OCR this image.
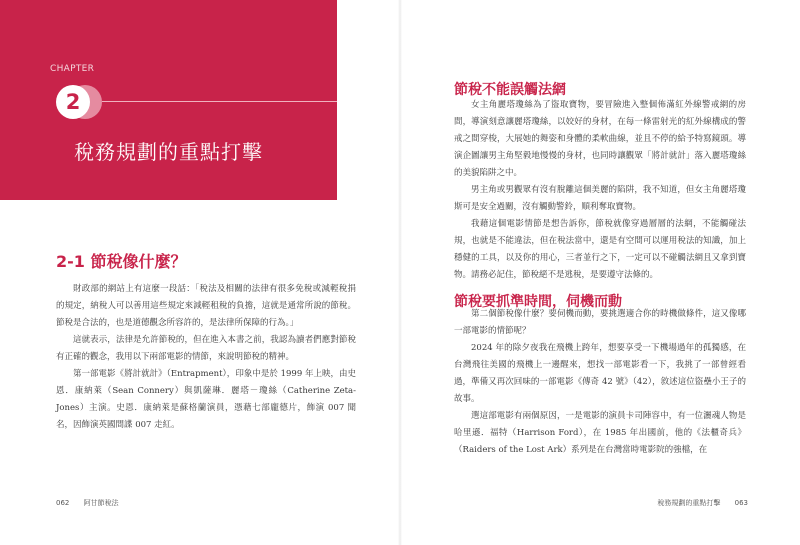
CHAPTER
2
稅務規劃的重點打擊
2-1 節稅像什麼？

財政部的網站上有這麼一段話：「稅法及相關的法律有很多免稅或減輕稅捐的規定，納稅人可以善用這些規定來減輕租稅的負擔，這就是通常所說的節稅。節稅是合法的，也是道德觀念所容許的，是法律所保障的行為。」

這就表示，法律是允許節稅的，但在進入本書之前，我認為讀者們應對節稅有正確的觀念，我用以下兩部電影的情節，來說明節稅的精神。

第一部電影《將計就計》（Entrapment），印象中是於 1999 年上映，由史恩．康納萊（Sean Connery）與凱薩琳．麗塔－瓊絲（Catherine Zeta-Jones）主演。史恩．康納萊是蘇格蘭演員，憑藉七部龐德片，飾演 007 聞名，因飾演英國間諜 007 走紅。

062 阿甘節稅法
節稅不能誤觸法網

女主角麗塔瓊絲為了盜取寶物，要冒險進入整個佈滿紅外線警戒網的房間，導演刻意讓麗塔瓊絲，以姣好的身材，在每一條雷射光的紅外線構成的警戒之間穿梭，大展她的舞姿和身體的柔軟曲線，並且不停的給予特寫鏡頭。導演企圖讓男主角堅毅地慢慢的身材，也同時讓觀眾「將計就計」落入麗塔瓊絲的美貌陷阱之中。

男主角或男觀眾有沒有脫離這個美麗的陷阱，我不知道，但女主角麗塔瓊斯可是安全過關，沒有觸動警鈴，順利奪取寶物。

我藉這個電影情節是想告訴你，節稅就像穿過層層的法網，不能觸碰法規，也就是不能違法，但在稅法當中，還是有空間可以運用稅法的知識，加上穩健的工具，以及你的用心，三者並行之下，一定可以不碰觸法網且又拿到寶物。請務必記住，節稅絕不是逃稅，是要遵守法條的。

節稅要抓準時間，伺機而動

第二個節稅像什麼？要伺機而動，要挑選適合你的時機做條件，這又像哪一部電影的情節呢？

2024 年的除夕夜我在飛機上跨年，想要享受一下機場過年的孤獨感，在台灣飛往美國的飛機上一邊醒來，想找一部電影看一下，我挑了一部曾經看過，準備又再次回味的一部電影《傳奇 42 號》（42），敘述這位盜壘小王子的故事。

選這部電影有兩個原因，一是電影的演員卡司陣容中，有一位灑魂人物是哈里遜．福特（Harrison Ford），在 1985 年出國前，他的《法櫃奇兵》（Raiders of the Lost Ark）系列是在台灣當時電影院的強檔，在

稅務規劃的重點打擊 063
